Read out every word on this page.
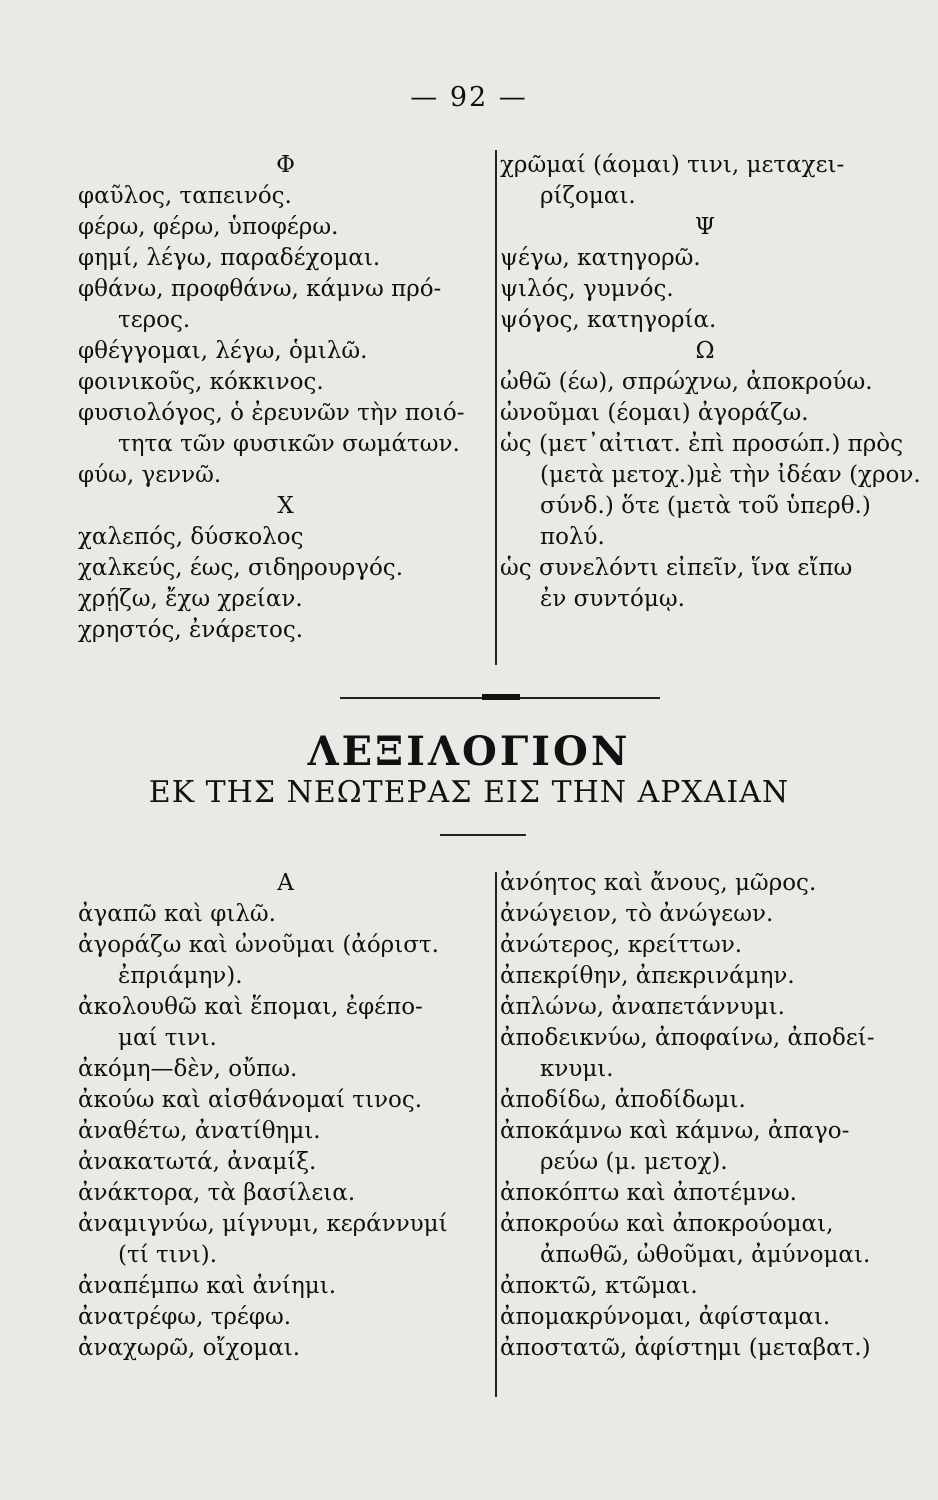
— 92 —
Φ
φαῦλος, ταπεινός.
φέρω, φέρω, ὑποφέρω.
φημί, λέγω, παραδέχομαι.
φθάνω, προφθάνω, κάμνω πρό-
τερος.
φθέγγομαι, λέγω, ὁμιλῶ.
φοινικοῦς, κόκκινος.
φυσιολόγος, ὁ ἐρευνῶν τὴν ποιό-
τητα τῶν φυσικῶν σωμάτων.
φύω, γεννῶ.
Χ
χαλεπός, δύσκολος
χαλκεύς, έως, σιδηρουργός.
χρῄζω, ἔχω χρείαν.
χρηστός, ἐνάρετος.
χρῶμαί (άομαι) τινι, μεταχει-
ρίζομαι.
Ψ
ψέγω, κατηγορῶ.
ψιλός, γυμνός.
ψόγος, κατηγορία.
Ω
ὠθῶ (έω), σπρώχνω, ἀποκρούω.
ὠνοῦμαι (έομαι) ἀγοράζω.
ὡς (μετ᾽αἰτιατ. ἐπὶ προσώπ.) πρὸς
(μετὰ μετοχ.)μὲ τὴν ἰδέαν (χρον.
σύνδ.) ὅτε (μετὰ τοῦ ὑπερθ.)
πολύ.
ὡς συνελόντι εἰπεῖν, ἵνα εἴπω
ἐν συντόμῳ.
ΛΕΞΙΛΟΓΙΟΝ
ΕΚ ΤΗΣ ΝΕΩΤΕΡΑΣ ΕΙΣ ΤΗΝ ΑΡΧΑΙΑΝ
Α
ἀγαπῶ καὶ φιλῶ.
ἀγοράζω καὶ ὠνοῦμαι (ἀόριστ.
ἐπριάμην).
ἀκολουθῶ καὶ ἕπομαι, ἐφέπο-
μαί τινι.
ἀκόμη—δὲν, οὔπω.
ἀκούω καὶ αἰσθάνομαί τινος.
ἀναθέτω, ἀνατίθημι.
ἀνακατωτά, ἀναμίξ.
ἀνάκτορα, τὰ βασίλεια.
ἀναμιγνύω, μίγνυμι, κεράννυμί
(τί τινι).
ἀναπέμπω καὶ ἀνίημι.
ἀνατρέφω, τρέφω.
ἀναχωρῶ, οἴχομαι.
ἀνόητος καὶ ἄνους, μῶρος.
ἀνώγειον, τὸ ἀνώγεων.
ἀνώτερος, κρείττων.
ἀπεκρίθην, ἀπεκρινάμην.
ἁπλώνω, ἀναπετάννυμι.
ἀποδεικνύω, ἀποφαίνω, ἀποδεί-
κνυμι.
ἀποδίδω, ἀποδίδωμι.
ἀποκάμνω καὶ κάμνω, ἀπαγο-
ρεύω (μ. μετοχ).
ἀποκόπτω καὶ ἀποτέμνω.
ἀποκρούω καὶ ἀποκρούομαι,
ἀπωθῶ, ὠθοῦμαι, ἀμύνομαι.
ἀποκτῶ, κτῶμαι.
ἀπομακρύνομαι, ἀφίσταμαι.
ἀποστατῶ, ἀφίστημι (μεταβατ.)
